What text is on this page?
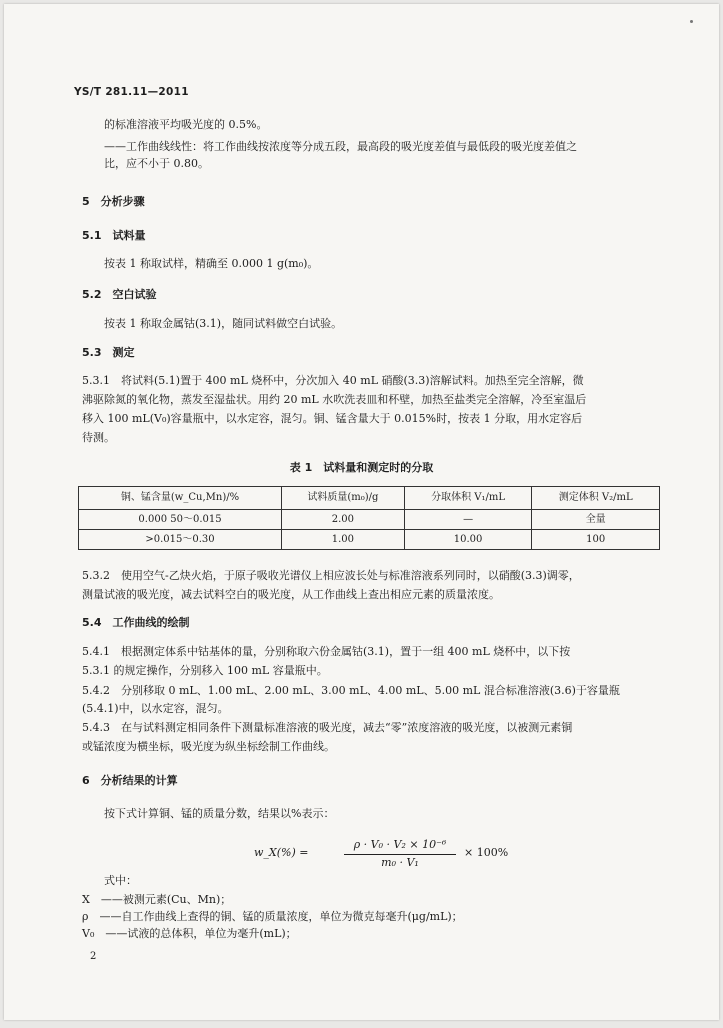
YS/T 281.11—2011
的标准溶液平均吸光度的 0.5%。
——工作曲线线性：将工作曲线按浓度等分成五段，最高段的吸光度差值与最低段的吸光度差值之
比，应不小于 0.80。
5　分析步骤
5.1　试料量
按表 1 称取试样，精确至 0.000 1 g(m₀)。
5.2　空白试验
按表 1 称取金属钴(3.1)，随同试料做空白试验。
5.3　测定
5.3.1　将试料(5.1)置于 400 mL 烧杯中，分次加入 40 mL 硝酸(3.3)溶解试料。加热至完全溶解，微
沸驱除氮的氧化物，蒸发至湿盐状。用约 20 mL 水吹洗表皿和杯壁，加热至盐类完全溶解，冷至室温后
移入 100 mL(V₀)容量瓶中，以水定容，混匀。铜、锰含量大于 0.015%时，按表 1 分取，用水定容后
待测。
表 1　试料量和测定时的分取
铜、锰含量(w_Cu,Mn)/%	试料质量(m₀)/g	分取体积 V₁/mL	测定体积 V₂/mL
0.000 50～0.015	2.00	—	全量
>0.015～0.30	1.00	10.00	100
5.3.2　使用空气-乙炔火焰，于原子吸收光谱仪上相应波长处与标准溶液系列同时，以硝酸(3.3)调零，
测量试液的吸光度，减去试料空白的吸光度，从工作曲线上查出相应元素的质量浓度。
5.4　工作曲线的绘制
5.4.1　根据测定体系中钴基体的量，分别称取六份金属钴(3.1)，置于一组 400 mL 烧杯中，以下按
5.3.1 的规定操作，分别移入 100 mL 容量瓶中。
5.4.2　分别移取 0 mL、1.00 mL、2.00 mL、3.00 mL、4.00 mL、5.00 mL 混合标准溶液(3.6)于容量瓶
(5.4.1)中，以水定容，混匀。
5.4.3　在与试料测定相同条件下测量标准溶液的吸光度，减去“零”浓度溶液的吸光度，以被测元素铜
或锰浓度为横坐标，吸光度为纵坐标绘制工作曲线。
6　分析结果的计算
按下式计算铜、锰的质量分数，结果以%表示：
w_X(%) =	$\frac{\text{ρ · V₀ · V₂ × 10⁻⁶}}{\text{m₀ · V₁}} \times 100\%$
式中：
X　——被测元素(Cu、Mn)；
ρ　——自工作曲线上查得的铜、锰的质量浓度，单位为微克每毫升(μg/mL)；
V₀　——试液的总体积，单位为毫升(mL)；
2
